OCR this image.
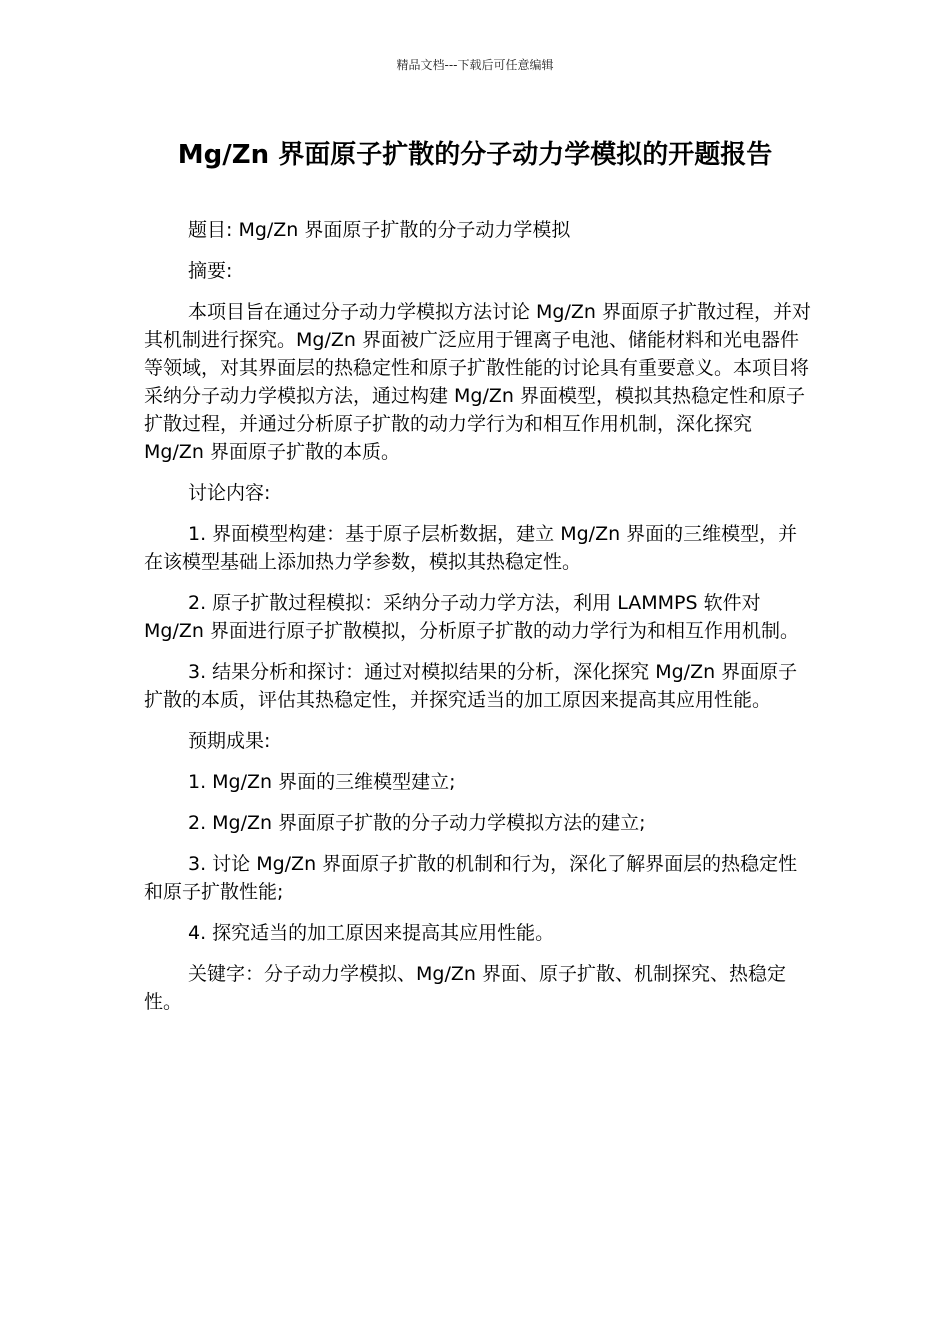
精品文档---下载后可任意编辑
Mg/Zn 界面原子扩散的分子动力学模拟的开题报告

题目: Mg/Zn 界面原子扩散的分子动力学模拟

摘要:

本项目旨在通过分子动力学模拟方法讨论 Mg/Zn 界面原子扩散过程，并对其机制进行探究。Mg/Zn 界面被广泛应用于锂离子电池、储能材料和光电器件等领域，对其界面层的热稳定性和原子扩散性能的讨论具有重要意义。本项目将采纳分子动力学模拟方法，通过构建 Mg/Zn 界面模型，模拟其热稳定性和原子扩散过程，并通过分析原子扩散的动力学行为和相互作用机制，深化探究 Mg/Zn 界面原子扩散的本质。

讨论内容:

1. 界面模型构建：基于原子层析数据，建立 Mg/Zn 界面的三维模型，并在该模型基础上添加热力学参数，模拟其热稳定性。

2. 原子扩散过程模拟：采纳分子动力学方法，利用 LAMMPS 软件对 Mg/Zn 界面进行原子扩散模拟，分析原子扩散的动力学行为和相互作用机制。

3. 结果分析和探讨：通过对模拟结果的分析，深化探究 Mg/Zn 界面原子扩散的本质，评估其热稳定性，并探究适当的加工原因来提高其应用性能。

预期成果:

1. Mg/Zn 界面的三维模型建立;

2. Mg/Zn 界面原子扩散的分子动力学模拟方法的建立;

3. 讨论 Mg/Zn 界面原子扩散的机制和行为，深化了解界面层的热稳定性和原子扩散性能;

4. 探究适当的加工原因来提高其应用性能。

关键字：分子动力学模拟、Mg/Zn 界面、原子扩散、机制探究、热稳定性。
